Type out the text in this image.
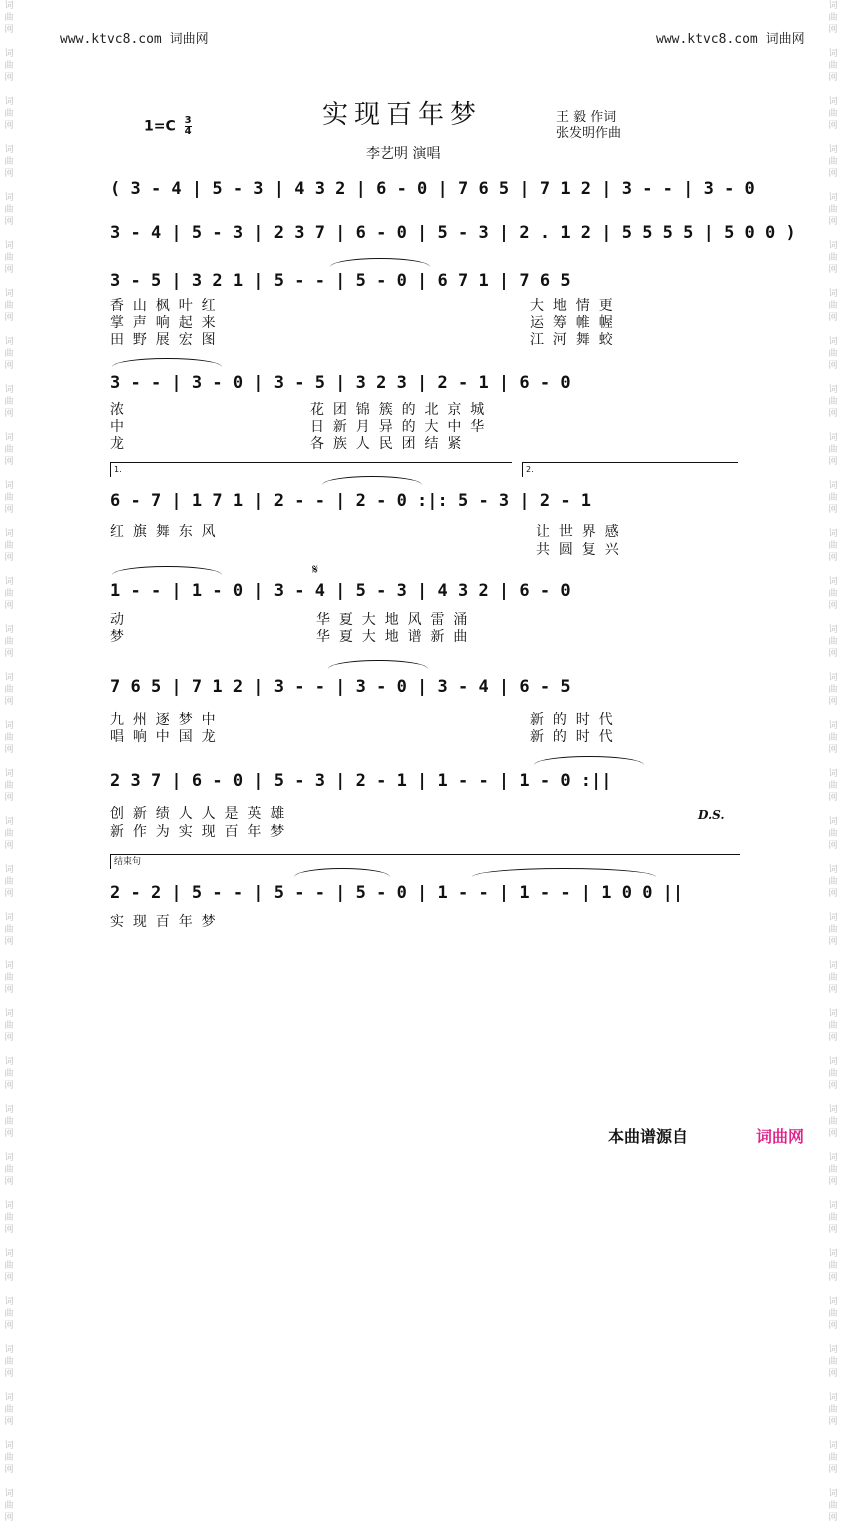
词
曲
网

词
曲
网

词
曲
网

词
曲
网

词
曲
网

词
曲
网

词
曲
网

词
曲
网

词
曲
网

词
曲
网

词
曲
网

词
曲
网

词
曲
网

词
曲
网

词
曲
网

词
曲
网

词
曲
网

词
曲
网

词
曲
网

词
曲
网

词
曲
网

词
曲
网

词
曲
网

词
曲
网

词
曲
网

词
曲
网

词
曲
网

词
曲
网

词
曲
网

词
曲
网

词
曲
网

词
曲
网

词
曲
网

词
曲
网

词
曲
网

词
曲
网

词
曲
网

词
曲
网

词
曲
网

词
曲
网

词
曲
网

词
曲
网

词
曲
网

词
曲
网

词
曲
网

词
曲
网

词
曲
网

词
曲
网

词
曲
网

词
曲
网

词
曲
网

词
曲
网

词
曲
网

词
曲
网

词
曲
网

词
曲
网

词
曲
网

词
曲
网

词
曲
网

词
曲
网

词
曲
网

词
曲
网

词
曲
网

词
曲
网

www.ktvc8.com 词曲网	www.ktvc8.com 词曲网
实现百年梦
$1=C \frac{3}{4}$	王 毅 作词
张发明作曲
李艺明 演唱
( 3 - 4 | 5 - 3 | 4 3 2 | 6 - 0 | 7 6 5 | 7 1 2 | 3 - - | 3 - 0
3 - 4 | 5 - 3 | 2 3 7 | 6 - 0 | 5 - 3 | 2 . 1 2 | 5 5 5 5 | 5 0 0 )
3 - 5 | 3 2 1 | 5 - - | 5 - 0 | 6 7 1 | 7 6 5
香  山  枫  叶  红	大  地  情  更
掌  声  响  起  来	运  筹  帷  幄
田  野  展  宏  图	江  河  舞  蛟
3 - - | 3 - 0 | 3 - 5 | 3 2 3 | 2 - 1 | 6 - 0
浓	花  团  锦  簇  的  北  京  城
中	日  新  月  异  的  大  中  华
龙	各  族  人  民  团  结  紧
1.	2.
6 - 7 | 1 7 1 | 2 - - | 2 - 0 :|: 5 - 3 | 2 - 1
红  旗  舞  东  风	让  世  界  感
共  圆  复  兴
𝄋
1 - - | 1 - 0 | 3 - 4 | 5 - 3 | 4 3 2 | 6 - 0
动	华  夏  大  地  风  雷  涌
梦	华  夏  大  地  谱  新  曲
7 6 5 | 7 1 2 | 3 - - | 3 - 0 | 3 - 4 | 6 - 5
九  州  逐  梦  中	新  的  时  代
唱  响  中  国  龙	新  的  时  代
2 3 7 | 6 - 0 | 5 - 3 | 2 - 1 | 1 - - | 1 - 0 :||
D.S.
创  新  绩  人  人  是  英  雄
新  作  为  实  现  百  年  梦
结束句
2 - 2 | 5 - - | 5 - - | 5 - 0 | 1 - - | 1 - - | 1 0 0 ||
实  现  百  年  梦
本曲谱源自	词曲网
